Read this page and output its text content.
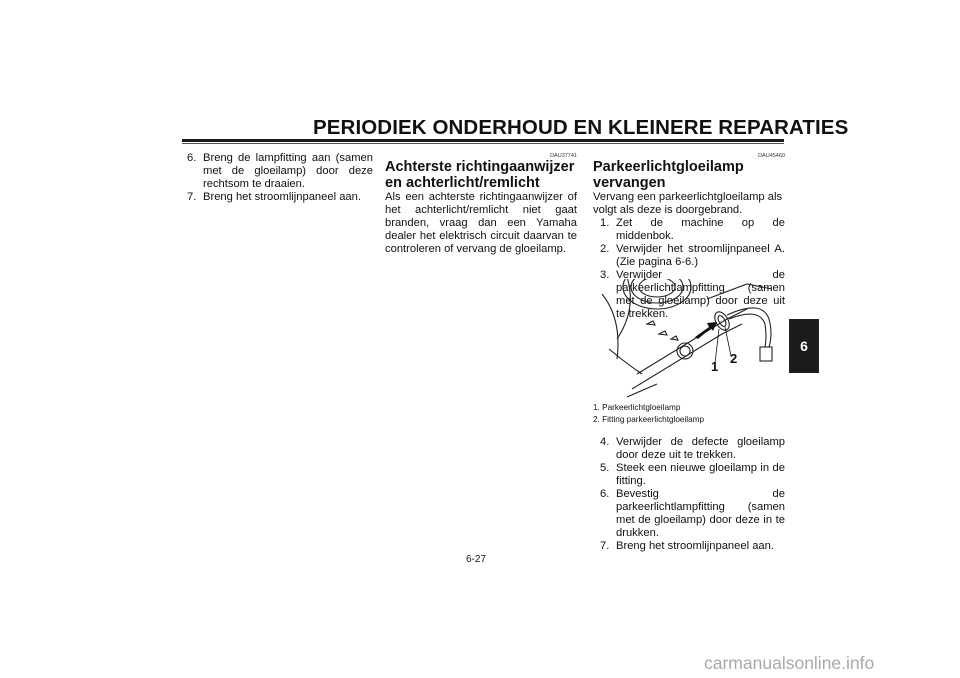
PERIODIEK ONDERHOUD EN KLEINERE REPARATIES
6
6. Breng de lampfitting aan (samen met de gloeilamp) door deze rechtsom te draaien.
7. Breng het stroomlijnpaneel aan.
DAU37741

Achterste richtingaanwijzer en achterlicht/remlicht

Als een achterste richtingaanwijzer of het achterlicht/remlicht niet gaat branden, vraag dan een Yamaha dealer het elektrisch circuit daarvan te controleren of vervang de gloeilamp.

DAU45460

Parkeerlichtgloeilamp vervangen

Vervang een parkeerlichtgloeilamp als volgt als deze is doorgebrand.

1. Zet de machine op de middenbok.
2. Verwijder het stroomlijnpaneel A. (Zie pagina 6-6.)
3. Verwijder de parkeerlichtlampfitting (samen met de gloeilamp) door deze uit te trekken.
1
2
1. Parkeerlichtgloeilamp
2. Fitting parkeerlichtgloeilamp
4. Verwijder de defecte gloeilamp door deze uit te trekken.
5. Steek een nieuwe gloeilamp in de fitting.
6. Bevestig de parkeerlichtlampfitting (samen met de gloeilamp) door deze in te drukken.
7. Breng het stroomlijnpaneel aan.
6-27
carmanualsonline.info
